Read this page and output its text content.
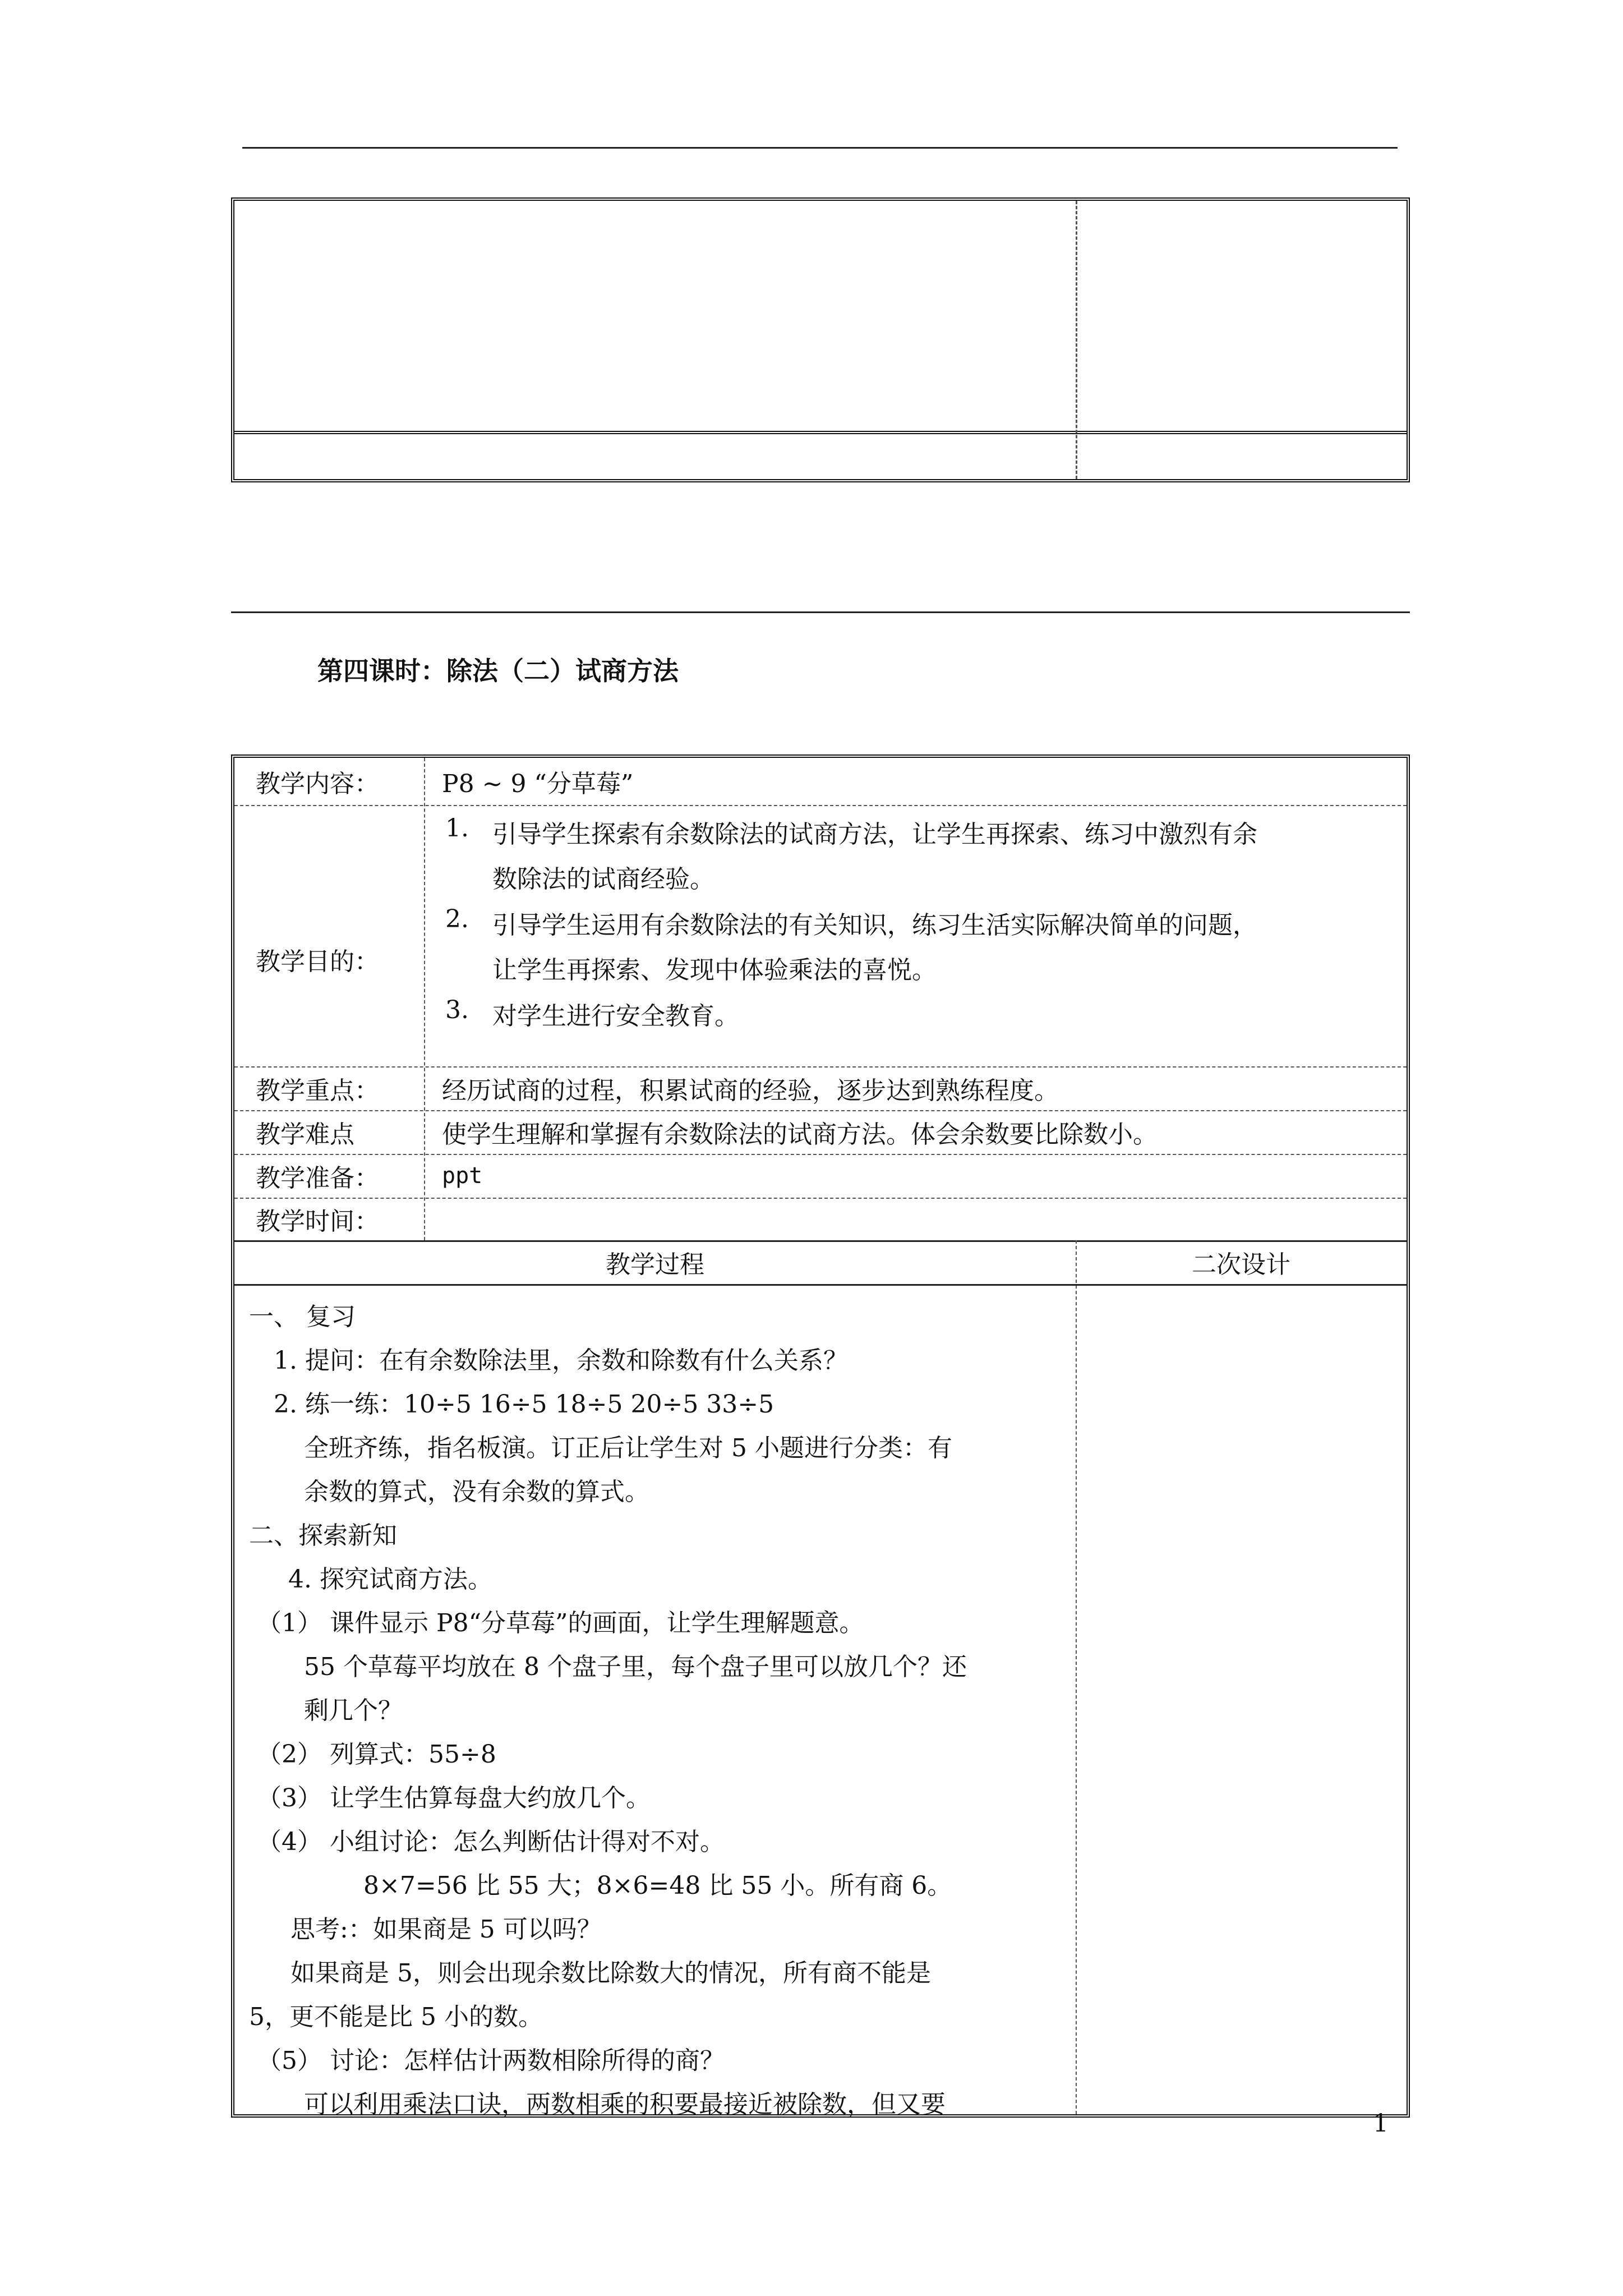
第四课时：除法（二）试商方法
教学内容：	P8 ~ 9 “分草莓”
教学目的：
1. 引导学生探索有余数除法的试商方法，让学生再探索、练习中激烈有余
数除法的试商经验。
2. 引导学生运用有余数除法的有关知识，练习生活实际解决简单的问题，
让学生再探索、发现中体验乘法的喜悦。
3. 对学生进行安全教育。
教学重点：	经历试商的过程，积累试商的经验，逐步达到熟练程度。
教学难点	使学生理解和掌握有余数除法的试商方法。体会余数要比除数小。
教学准备：	ppt
教学时间：
教学过程	二次设计
一、 复习
1. 提问：在有余数除法里，余数和除数有什么关系？
2. 练一练：10÷5 16÷5 18÷5 20÷5 33÷5
全班齐练，指名板演。订正后让学生对 5 小题进行分类：有
余数的算式，没有余数的算式。
二、探索新知
4. 探究试商方法。
（1） 课件显示 P8“分草莓”的画面，让学生理解题意。
55 个草莓平均放在 8 个盘子里，每个盘子里可以放几个？还
剩几个？
（2） 列算式：55÷8
（3） 让学生估算每盘大约放几个。
（4） 小组讨论：怎么判断估计得对不对。
8×7=56 比 55 大；8×6=48 比 55 小。所有商 6。
思考:：如果商是 5 可以吗？
如果商是 5，则会出现余数比除数大的情况，所有商不能是
5，更不能是比 5 小的数。
（5） 讨论：怎样估计两数相除所得的商？
可以利用乘法口诀，两数相乘的积要最接近被除数，但又要
1
